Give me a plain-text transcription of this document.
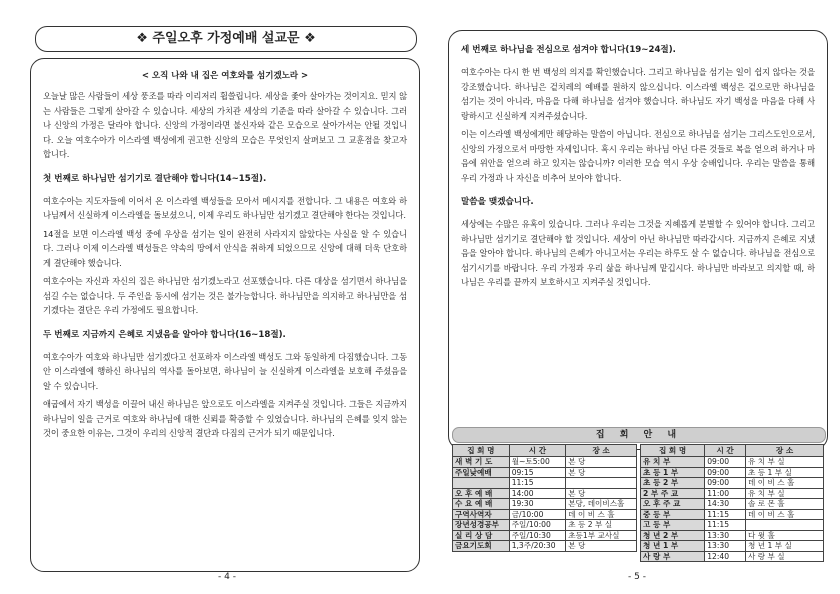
❖ 주일오후 가정예배 설교문 ❖
< 오직 나와 내 집은 여호와를 섬기겠노라 >

오늘날 많은 사람들이 세상 풍조를 따라 이리저리 휩쓸립니다. 세상을 좇아 살아가는 것이지요. 믿지 않는 사람들은 그렇게 살아갈 수 있습니다. 세상의 가치관 세상의 기준을 따라 살아갈 수 있습니다. 그러나 신앙의 가정은 달라야 합니다. 신앙의 가정이라면 불신자와 같은 모습으로 살아가서는 안될 것입니다. 오늘 여호수아가 이스라엘 백성에게 권고한 신앙의 모습은 무엇인지 살펴보고 그 교훈점을 찾고자 합니다.

첫 번째로 하나님만 섬기기로 결단해야 합니다(14~15절).

여호수아는 지도자들에 이어서 온 이스라엘 백성들을 모아서 메시지를 전합니다. 그 내용은 여호와 하나님께서 신실하게 이스라엘을 돌보셨으니, 이제 우리도 하나님만 섬기겠고 결단해야 한다는 것입니다.

14절을 보면 이스라엘 백성 중에 우상을 섬기는 일이 완전히 사라지지 않았다는 사실을 알 수 있습니다. 그러나 이제 이스라엘 백성들은 약속의 땅에서 안식을 취하게 되었으므로 신앙에 대해 더욱 단호하게 결단해야 했습니다.

여호수아는 자신과 자신의 집은 하나님만 섬기겠노라고 선포했습니다. 다른 대상을 섬기면서 하나님을 섬길 수는 없습니다. 두 주인을 동시에 섬기는 것은 불가능합니다. 하나님만을 의지하고 하나님만을 섬기겠다는 결단은 우리 가정에도 필요합니다.

두 번째로 지금까지 은혜로 지냈음을 알아야 합니다(16~18절).

여호수아가 여호와 하나님만 섬기겠다고 선포하자 이스라엘 백성도 그와 동일하게 다짐했습니다. 그동안 이스라엘에 행하신 하나님의 역사를 돌아보면, 하나님이 늘 신실하게 이스라엘을 보호해 주셨음을 알 수 있습니다.

애굽에서 자기 백성을 이끌어 내신 하나님은 앞으로도 이스라엘을 지켜주실 것입니다. 그들은 지금까지 하나님이 일을 근거로 여호와 하나님에 대한 신뢰를 확증할 수 있었습니다. 하나님의 은혜를 잊지 않는 것이 중요한 이유는, 그것이 우리의 신앙적 결단과 다짐의 근거가 되기 때문입니다.

세 번째로 하나님을 전심으로 섬겨야 합니다(19~24절).

여호수아는 다시 한 번 백성의 의지를 확인했습니다. 그리고 하나님을 섬기는 일이 쉽지 않다는 것을 강조했습니다. 하나님은 겉치레의 예배를 원하지 않으십니다. 이스라엘 백성은 겉으로만 하나님을 섬기는 것이 아니라, 마음을 다해 하나님을 섬겨야 했습니다. 하나님도 자기 백성을 마음을 다해 사랑하시고 신실하게 지켜주셨습니다.

이는 이스라엘 백성에게만 해당하는 말씀이 아닙니다. 전심으로 하나님을 섬기는 그리스도인으로서, 신앙의 가정으로서 마땅한 자세입니다. 혹시 우리는 하나님 아닌 다른 것들로 복을 얻으려 하거나 마음에 위안을 얻으려 하고 있지는 않습니까? 이러한 모습 역시 우상 숭배입니다. 우리는 말씀을 통해 우리 가정과 나 자신을 비추어 보아야 합니다.

말씀을 맺겠습니다.

세상에는 수많은 유혹이 있습니다. 그러나 우리는 그것을 지혜롭게 분별할 수 있어야 합니다. 그리고 하나님만 섬기기로 결단해야 할 것입니다. 세상이 아닌 하나님만 따라갑시다. 지금까지 은혜로 지냈음을 알아야 합니다. 하나님의 은혜가 아니고서는 우리는 하루도 살 수 없습니다. 하나님을 전심으로 섬기시기를 바랍니다. 우리 가정과 우리 삶을 하나님께 맡깁시다. 하나님만 바라보고 의지할 때, 하나님은 우리를 끝까지 보호하시고 지켜주실 것입니다.

집 회 안 내
집 회 명	시 간	장 소
새 벽 기 도	월~토5:00	본 당
주일낮예배	09:15	본 당
	11:15	
오 후 예 배	14:00	본 당
수 요 예 배	19:30	본당, 데이비스홀
구역사역자	금/10:00	데 이 비 스 홀
장년성경공부	주일/10:00	초 등 2 부 실
실 리 상 담	주일/10:30	초등1부 교사실
금요기도회	1,3주/20:30	본 당
집 회 명	시 간	장 소
유 치 부	09:00	유 치 부 실
초 등 1 부	09:00	초 등 1 부 실
초 등 2 부	09:00	데 이 비 스 홀
2 부 주 교	11:00	유 치 부 실
오 후 주 교	14:30	솔 로 몬 홀
중 등 부	11:15	데 이 비 스 홀
고 등 부	11:15	
청 년 2 부	13:30	다 윗 홀
청 년 1 부	13:30	청 년 1 부 실
사 랑 부	12:40	사 랑 부 실
- 4 -	- 5 -
